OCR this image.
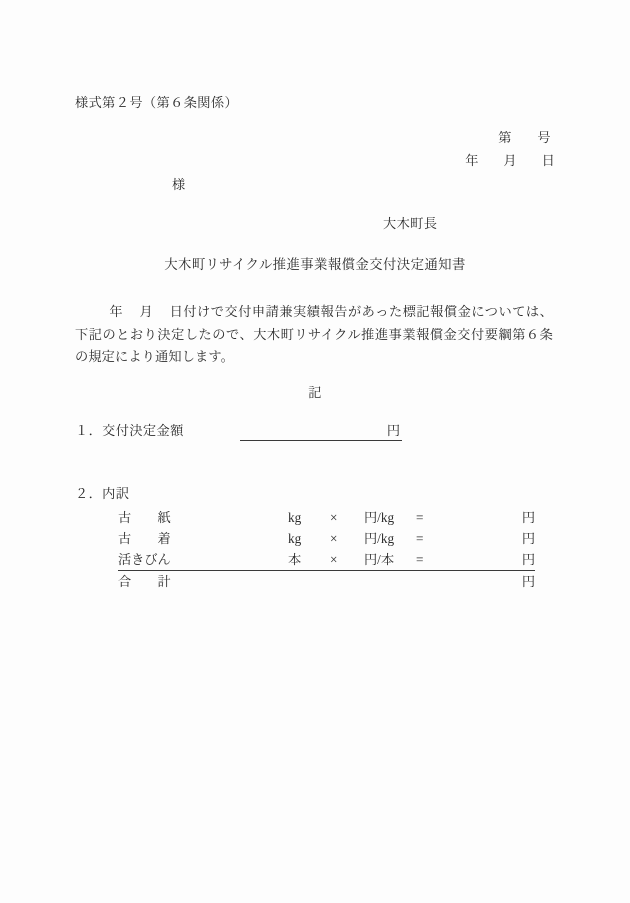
様式第２号（第６条関係）

第 号

年 月 日

様
大木町長
大木町リサイクル推進事業報償金交付決定通知書
年 月 日付けで交付申請兼実績報告があった標記報償金については、下記のとおり決定したので、大木町リサイクル推進事業報償金交付要綱第６条の規定により通知します。
記
１．交付決定金額	円
２．内訳
古　　紙	kg	×	円/kg	=	円
古　　着	kg	×	円/kg	=	円
活きびん	本	×	円/本	=	円
合　　計					円
